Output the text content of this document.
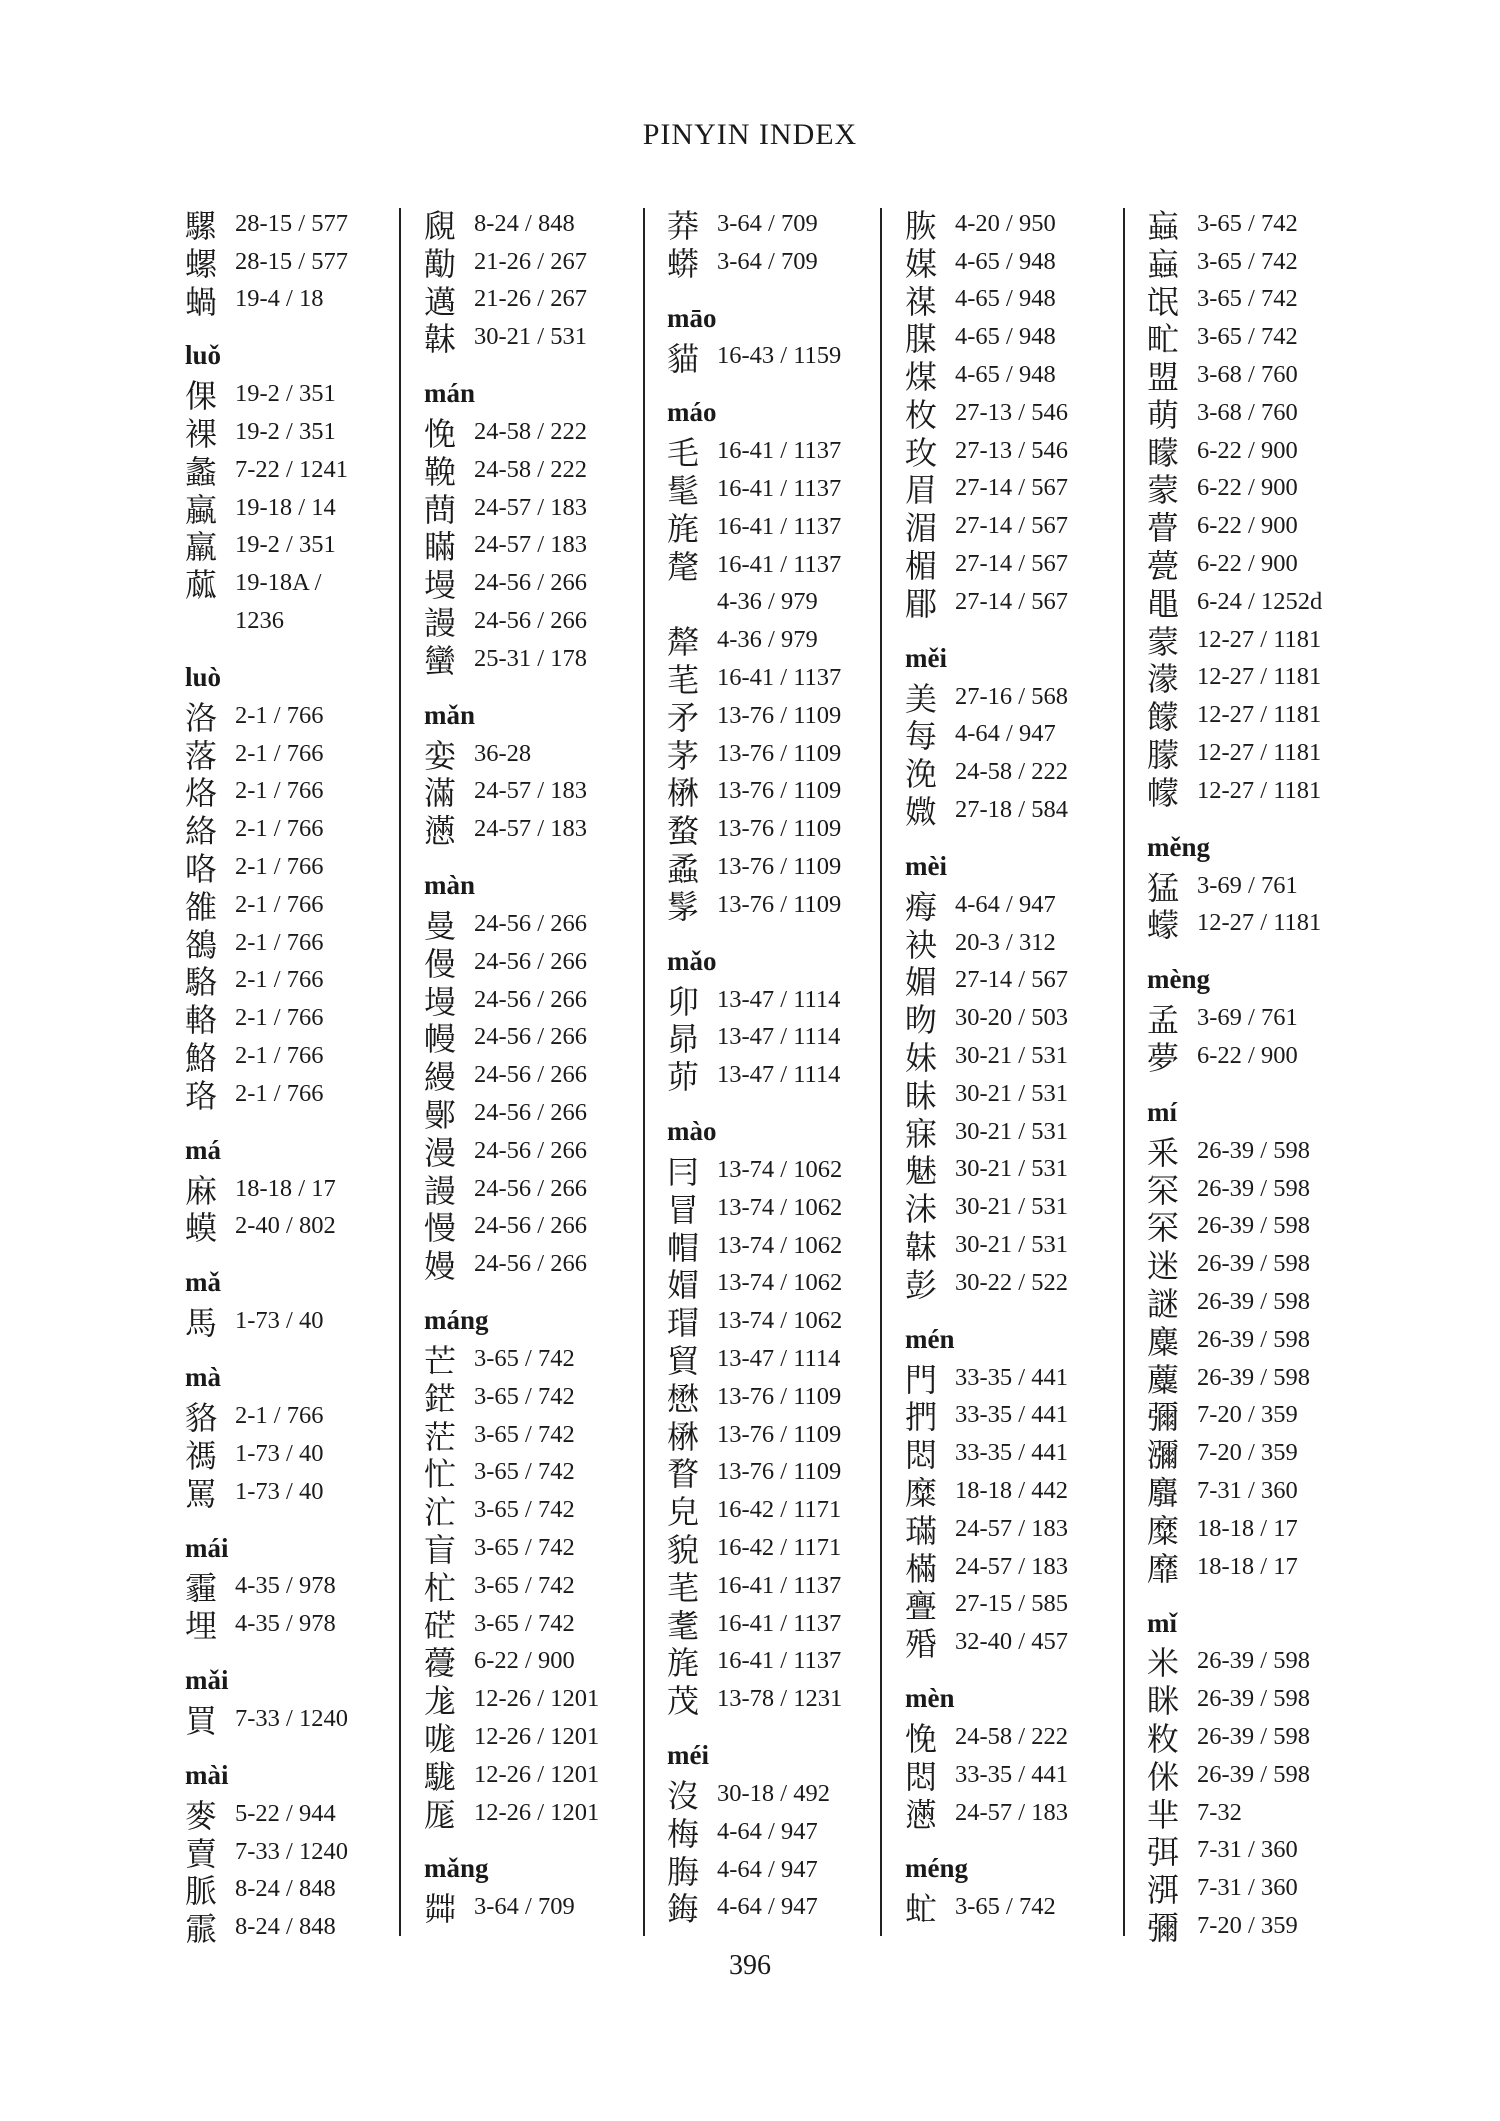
PINYIN INDEX
騾 28-15 / 577
螺 28-15 / 577
蝸 19-4 / 18
luǒ
倮 19-2 / 351
裸 19-2 / 351
蠡 7-22 / 1241
蠃 19-18 / 14
羸 19-2 / 351
蓏 19-18A /
1236
luò
洛 2-1 / 766
落 2-1 / 766
烙 2-1 / 766
絡 2-1 / 766
咯 2-1 / 766
雒 2-1 / 766
鵅 2-1 / 766
駱 2-1 / 766
輅 2-1 / 766
鮥 2-1 / 766
珞 2-1 / 766
má
麻 18-18 / 17
蟆 2-40 / 802
mǎ
馬 1-73 / 40
mà
貉 2-1 / 766
禡 1-73 / 40
罵 1-73 / 40
mái
霾 4-35 / 978
埋 4-35 / 978
mǎi
買 7-33 / 1240
mài
麥 5-22 / 944
賣 7-33 / 1240
脈 8-24 / 848
霢 8-24 / 848
覛 8-24 / 848
勱 21-26 / 267
邁 21-26 / 267
韎 30-21 / 531
mán
悗 24-58 / 222
鞔 24-58 / 222
蔄 24-57 / 183
瞞 24-57 / 183
墁 24-56 / 266
謾 24-56 / 266
蠻 25-31 / 178
mǎn
娈 36-28
滿 24-57 / 183
懣 24-57 / 183
màn
曼 24-56 / 266
僈 24-56 / 266
墁 24-56 / 266
幔 24-56 / 266
縵 24-56 / 266
鄤 24-56 / 266
漫 24-56 / 266
謾 24-56 / 266
慢 24-56 / 266
嫚 24-56 / 266
máng
芒 3-65 / 742
鋩 3-65 / 742
茫 3-65 / 742
忙 3-65 / 742
汒 3-65 / 742
盲 3-65 / 742
杧 3-65 / 742
硭 3-65 / 742
蘉 6-22 / 900
尨 12-26 / 1201
哤 12-26 / 1201
駹 12-26 / 1201
厖 12-26 / 1201
mǎng
茻 3-64 / 709
莽 3-64 / 709
蟒 3-64 / 709
māo
貓 16-43 / 1159
máo
毛 16-41 / 1137
髦 16-41 / 1137
旄 16-41 / 1137
氂 16-41 / 1137
4-36 / 979
犛 4-36 / 979
芼 16-41 / 1137
矛 13-76 / 1109
茅 13-76 / 1109
楙 13-76 / 1109
蝥 13-76 / 1109
蟊 13-76 / 1109
髳 13-76 / 1109
mǎo
卯 13-47 / 1114
昴 13-47 / 1114
茆 13-47 / 1114
mào
冃 13-74 / 1062
冒 13-74 / 1062
帽 13-74 / 1062
媢 13-74 / 1062
瑁 13-74 / 1062
貿 13-47 / 1114
懋 13-76 / 1109
楙 13-76 / 1109
瞀 13-76 / 1109
皃 16-42 / 1171
貌 16-42 / 1171
芼 16-41 / 1137
耄 16-41 / 1137
旄 16-41 / 1137
茂 13-78 / 1231
méi
沒 30-18 / 492
梅 4-64 / 947
脢 4-64 / 947
鋂 4-64 / 947
脄 4-20 / 950
媒 4-65 / 948
禖 4-65 / 948
腜 4-65 / 948
煤 4-65 / 948
枚 27-13 / 546
玫 27-13 / 546
眉 27-14 / 567
湄 27-14 / 567
楣 27-14 / 567
郿 27-14 / 567
měi
美 27-16 / 568
每 4-64 / 947
浼 24-58 / 222
媺 27-18 / 584
mèi
痗 4-64 / 947
袂 20-3 / 312
媚 27-14 / 567
昒 30-20 / 503
妹 30-21 / 531
昧 30-21 / 531
寐 30-21 / 531
魅 30-21 / 531
沬 30-21 / 531
韎 30-21 / 531
彭 30-22 / 522
mén
門 33-35 / 441
捫 33-35 / 441
悶 33-35 / 441
糜 18-18 / 442
璊 24-57 / 183
樠 24-57 / 183
亹 27-15 / 585
殙 32-40 / 457
mèn
悗 24-58 / 222
悶 33-35 / 441
懣 24-57 / 183
méng
虻 3-65 / 742
蝱 3-65 / 742
蝱 3-65 / 742
氓 3-65 / 742
甿 3-65 / 742
盟 3-68 / 760
萌 3-68 / 760
矇 6-22 / 900
蒙 6-22 / 900
瞢 6-22 / 900
甍 6-22 / 900
黽 6-24 / 1252d
蒙 12-27 / 1181
濛 12-27 / 1181
饛 12-27 / 1181
朦 12-27 / 1181
幪 12-27 / 1181
měng
猛 3-69 / 761
蠓 12-27 / 1181
mèng
孟 3-69 / 761
夢 6-22 / 900
mí
釆 26-39 / 598
罙 26-39 / 598
罙 26-39 / 598
迷 26-39 / 598
謎 26-39 / 598
麋 26-39 / 598
蘪 26-39 / 598
彌 7-20 / 359
瀰 7-20 / 359
麛 7-31 / 360
糜 18-18 / 17
靡 18-18 / 17
mǐ
米 26-39 / 598
眯 26-39 / 598
敉 26-39 / 598
侎 26-39 / 598
芈 7-32
弭 7-31 / 360
渳 7-31 / 360
彌 7-20 / 359
396
